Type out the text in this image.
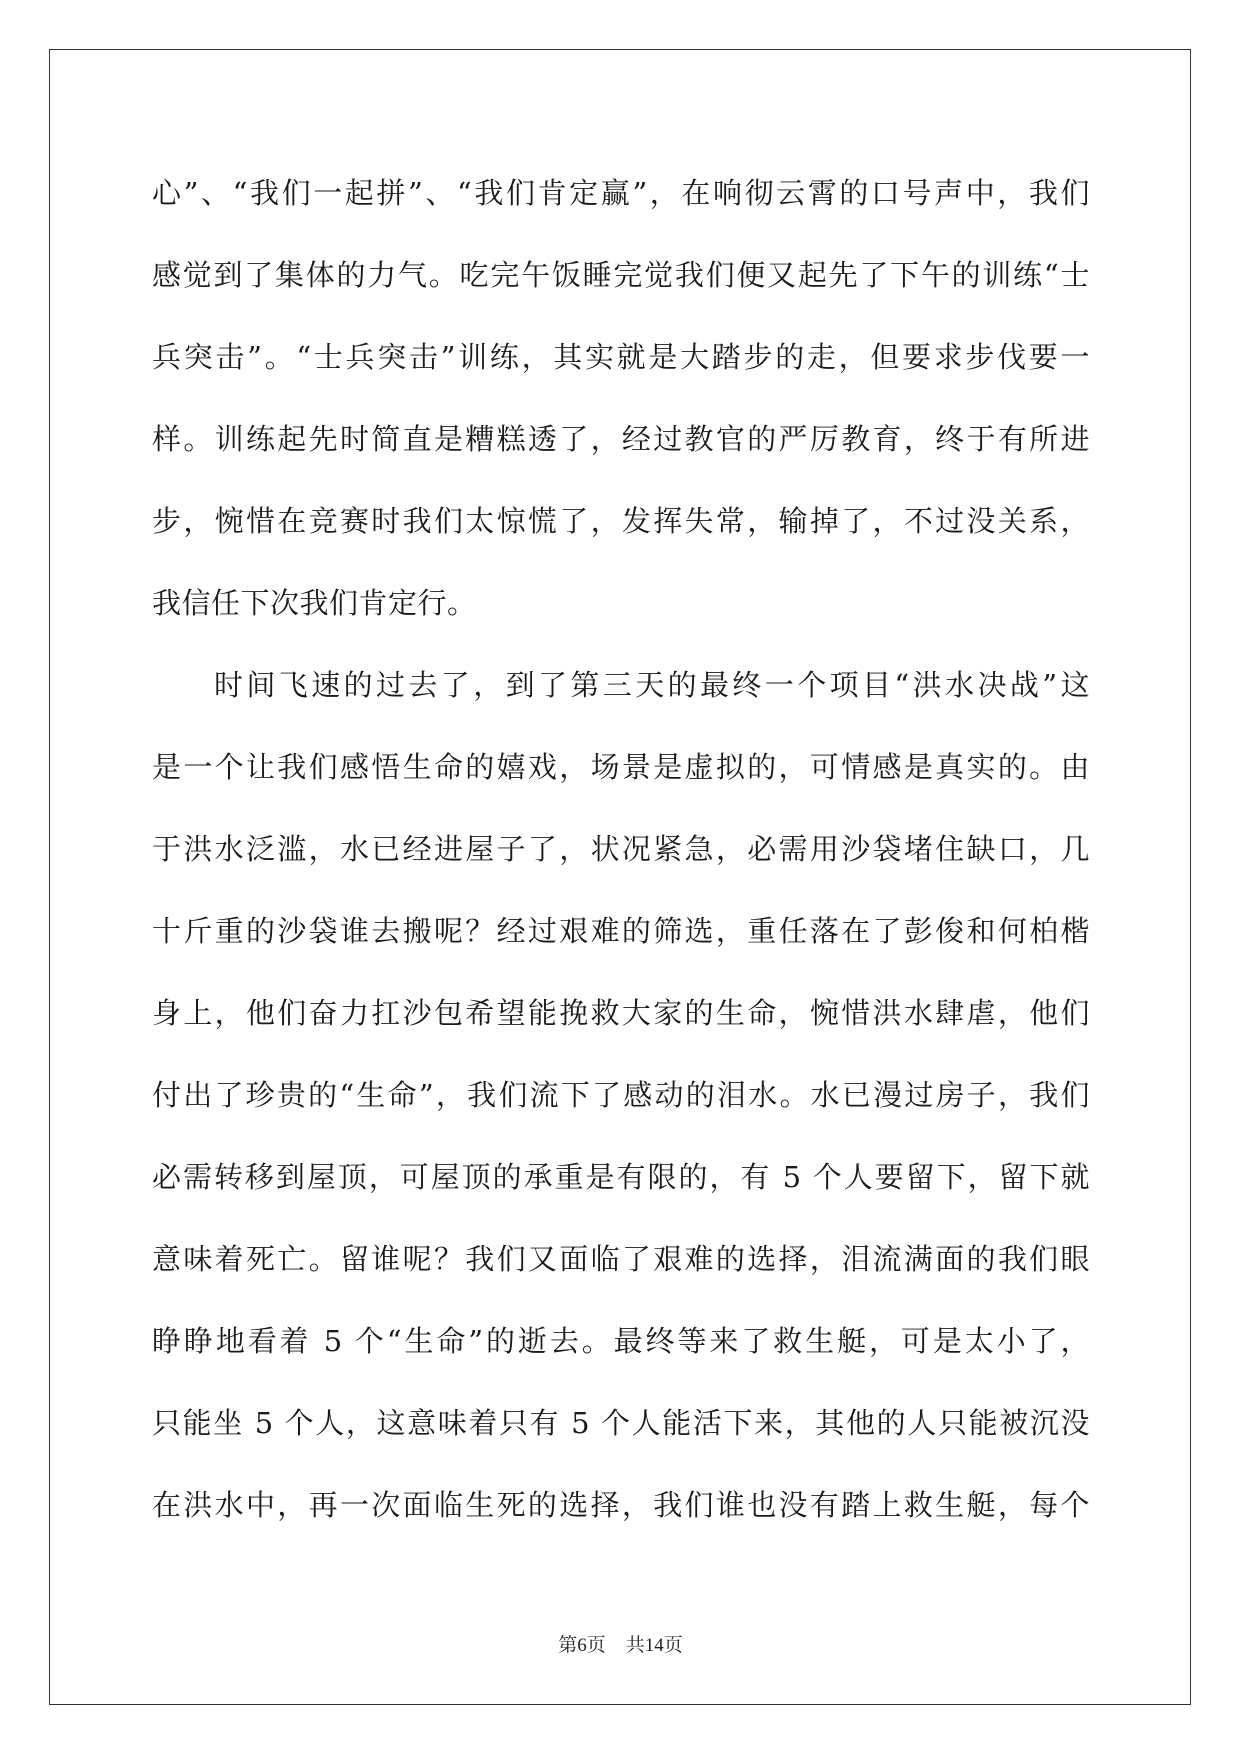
心”、“我们一起拼”、“我们肯定赢”，在响彻云霄的口号声中，我们
感觉到了集体的力气。吃完午饭睡完觉我们便又起先了下午的训练“士
兵突击”。“士兵突击”训练，其实就是大踏步的走，但要求步伐要一
样。训练起先时简直是糟糕透了，经过教官的严厉教育，终于有所进
步，惋惜在竞赛时我们太惊慌了，发挥失常，输掉了，不过没关系，
我信任下次我们肯定行。
时间飞速的过去了，到了第三天的最终一个项目“洪水决战”这
是一个让我们感悟生命的嬉戏，场景是虚拟的，可情感是真实的。由
于洪水泛滥，水已经进屋子了，状况紧急，必需用沙袋堵住缺口，几
十斤重的沙袋谁去搬呢？经过艰难的筛选，重任落在了彭俊和何柏楷
身上，他们奋力扛沙包希望能挽救大家的生命，惋惜洪水肆虐，他们
付出了珍贵的“生命”，我们流下了感动的泪水。水已漫过房子，我们
必需转移到屋顶，可屋顶的承重是有限的，有 5 个人要留下，留下就
意味着死亡。留谁呢？我们又面临了艰难的选择，泪流满面的我们眼
睁睁地看着 5 个“生命”的逝去。最终等来了救生艇，可是太小了，
只能坐 5 个人，这意味着只有 5 个人能活下来，其他的人只能被沉没
在洪水中，再一次面临生死的选择，我们谁也没有踏上救生艇，每个
第6页 共14页
